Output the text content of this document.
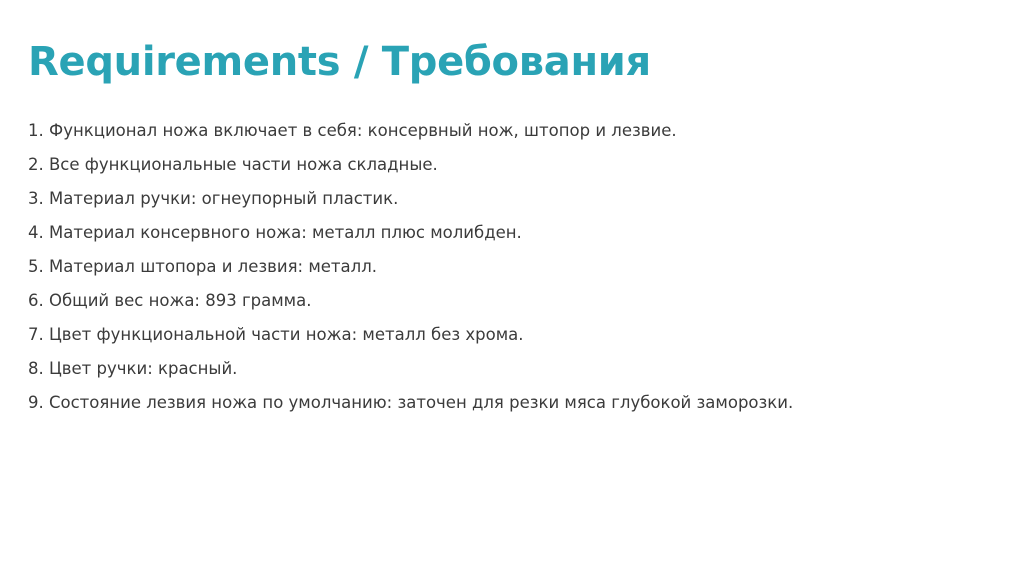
Requirements / Требования
1. Функционал ножа включает в себя: консервный нож, штопор и лезвие.
2. Все функциональные части ножа складные.
3. Материал ручки: огнеупорный пластик.
4. Материал консервного ножа: металл плюс молибден.
5. Материал штопора и лезвия: металл.
6. Общий вес ножа: 893 грамма.
7. Цвет функциональной части ножа: металл без хрома.
8. Цвет ручки: красный.
9. Состояние лезвия ножа по умолчанию: заточен для резки мяса глубокой заморозки.
